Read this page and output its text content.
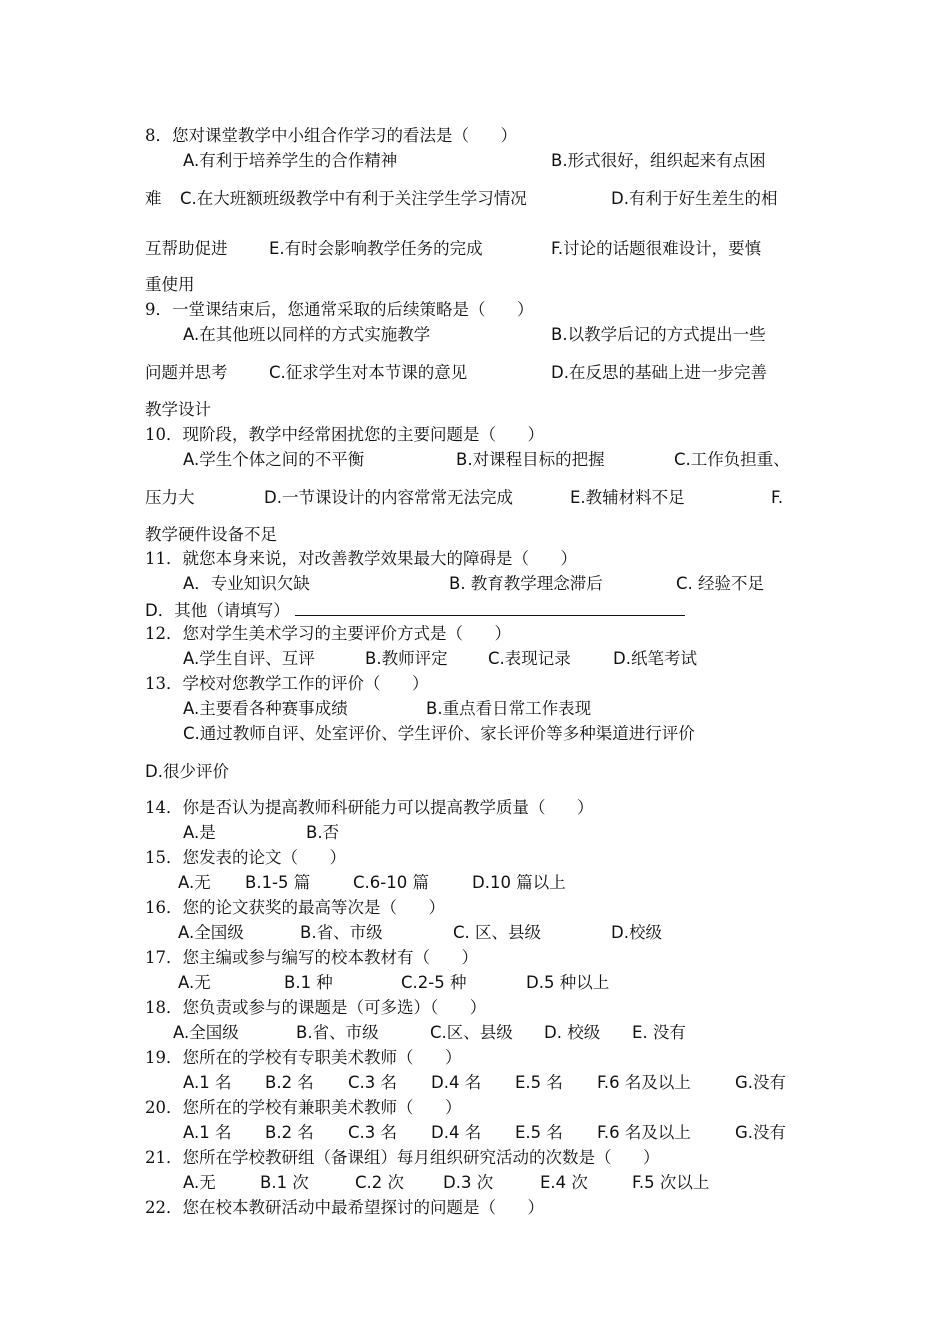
8．您对课堂教学中小组合作学习的看法是（      ）
A.有利于培养学生的合作精神	B.形式很好，组织起来有点困
难 C.在大班额班级教学中有利于关注学生学习情况	D.有利于好生差生的相
互帮助促进	E.有时会影响教学任务的完成	F.讨论的话题很难设计，要慎
重使用
9．一堂课结束后，您通常采取的后续策略是（      ）
A.在其他班以同样的方式实施教学	B.以教学后记的方式提出一些
问题并思考	C.征求学生对本节课的意见	D.在反思的基础上进一步完善
教学设计
10．现阶段，教学中经常困扰您的主要问题是（      ）
A.学生个体之间的不平衡	B.对课程目标的把握	C.工作负担重、
压力大	D.一节课设计的内容常常无法完成	E.教辅材料不足	F.
教学硬件设备不足
11．就您本身来说，对改善教学效果最大的障碍是（      ）
A．专业知识欠缺	B. 教育教学理念滞后	C. 经验不足
D．其他（请填写）
12．您对学生美术学习的主要评价方式是（      ）
A.学生自评、互评	B.教师评定 C.表现记录	D.纸笔考试
13．学校对您教学工作的评价（      ）
A.主要看各种赛事成绩	B.重点看日常工作表现
C.通过教师自评、处室评价、学生评价、家长评价等多种渠道进行评价
D.很少评价
14．你是否认为提高教师科研能力可以提高教学质量（      ）
A.是	B.否
15．您发表的论文（      ）
A.无 B.1-5 篇	C.6-10 篇	D.10 篇以上
16．您的论文获奖的最高等次是（      ）
A.全国级	B.省、市级	C. 区、县级	D.校级
17．您主编或参与编写的校本教材有（      ）
A.无	B.1 种	C.2-5 种	D.5 种以上
18．您负责或参与的课题是（可多选）（      ）
A.全国级	B.省、市级	C.区、县级 D. 校级 E. 没有
19．您所在的学校有专职美术教师（      ）
A.1 名 B.2 名 C.3 名 D.4 名 E.5 名 F.6 名及以上	G.没有
20．您所在的学校有兼职美术教师（      ）
A.1 名 B.2 名 C.3 名 D.4 名 E.5 名 F.6 名及以上	G.没有
21．您所在学校教研组（备课组）每月组织研究活动的次数是（      ）
A.无	B.1 次	C.2 次 D.3 次	E.4 次	F.5 次以上
22．您在校本教研活动中最希望探讨的问题是（      ）
